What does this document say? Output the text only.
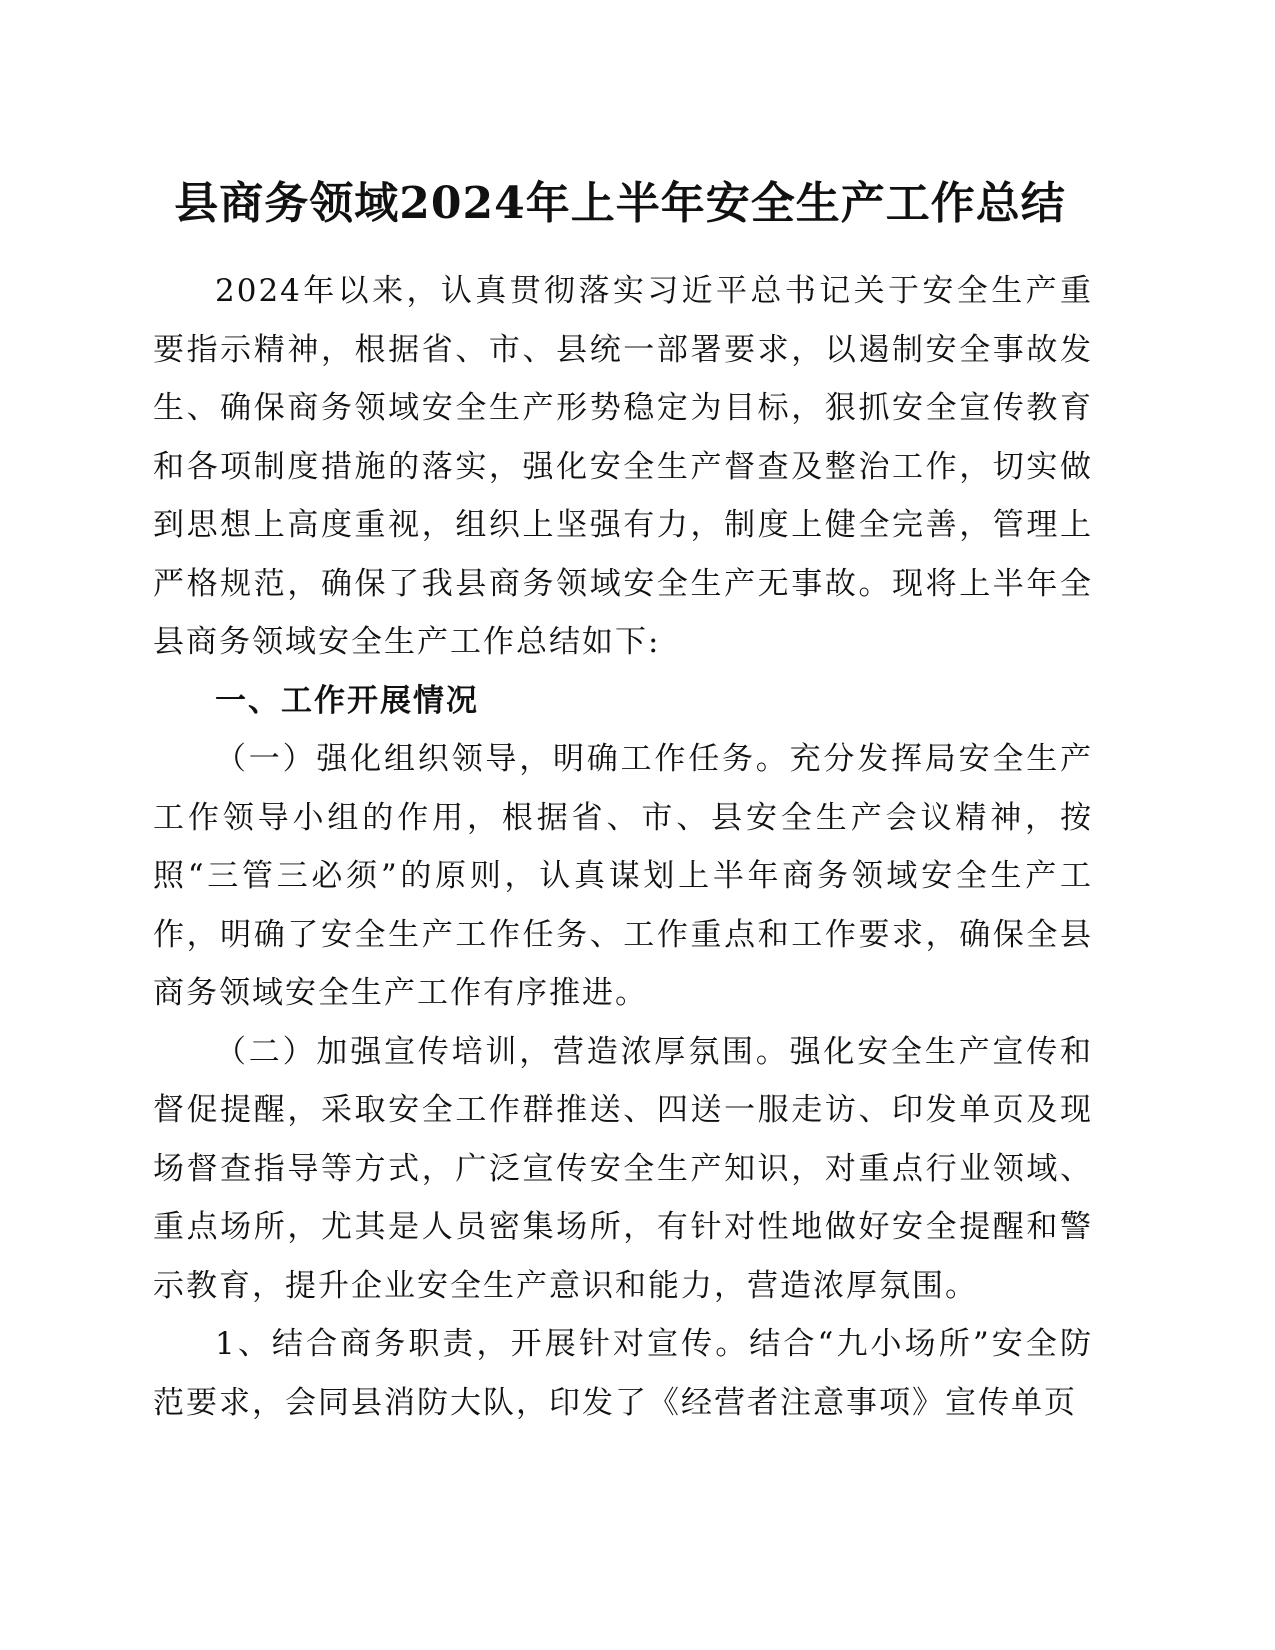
县商务领域2024年上半年安全生产工作总结

2024年以来，认真贯彻落实习近平总书记关于安全生产重要指示精神，根据省、市、县统一部署要求，以遏制安全事故发生、确保商务领域安全生产形势稳定为目标，狠抓安全宣传教育和各项制度措施的落实，强化安全生产督查及整治工作，切实做到思想上高度重视，组织上坚强有力，制度上健全完善，管理上严格规范，确保了我县商务领域安全生产无事故。现将上半年全县商务领域安全生产工作总结如下:

一、工作开展情况

（一）强化组织领导，明确工作任务。充分发挥局安全生产工作领导小组的作用，根据省、市、县安全生产会议精神，按照“三管三必须”的原则，认真谋划上半年商务领域安全生产工作，明确了安全生产工作任务、工作重点和工作要求，确保全县商务领域安全生产工作有序推进。

（二）加强宣传培训，营造浓厚氛围。强化安全生产宣传和督促提醒，采取安全工作群推送、四送一服走访、印发单页及现场督查指导等方式，广泛宣传安全生产知识，对重点行业领域、重点场所，尤其是人员密集场所，有针对性地做好安全提醒和警示教育，提升企业安全生产意识和能力，营造浓厚氛围。

1、结合商务职责，开展针对宣传。结合“九小场所”安全防范要求，会同县消防大队，印发了《经营者注意事项》宣传单页
